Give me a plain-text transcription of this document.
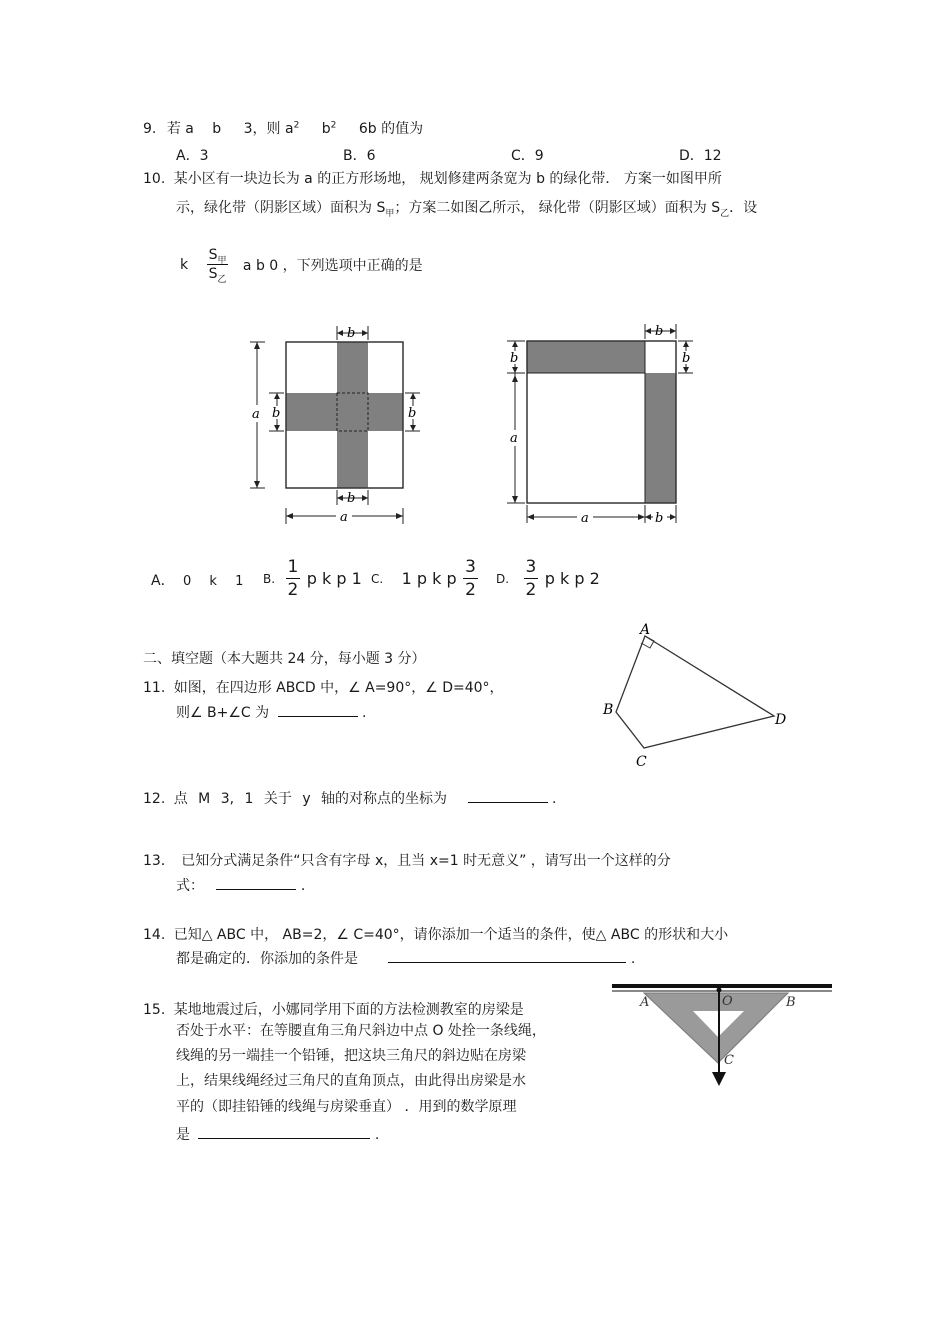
9. 若 a b 3，则 $a^2$ $b^2$ 6b 的值为
A．3	B．6	C．9	D．12
10. 某小区有一块边长为 a 的正方形场地， 规划修建两条宽为 b 的绿化带． 方案一如图甲所
示，绿化带（阴影区域）面积为 $S_甲$；方案二如图乙所示， 绿化带（阴影区域）面积为 $S_乙$．设
k $\frac{S_甲}{S_乙}$ a b 0 ，下列选项中正确的是
b
b
a
a b	b
b
b
b
a
a	b
A． 0 k 1 B. $\frac{1}{2}$ p k p 1 C. 1 p k p $\frac{3}{2} D$. $\frac{3}{2}$ p k p 2
二、填空题（本大题共 24 分，每小题 3 分）
11. 如图，在四边形 ABCD 中，∠ A=90°，∠ D=40°，
则∠ B+∠C 为	.
A
B
C
D
12. 点 M 3, 1 关于 y 轴的对称点的坐标为	.
13． 已知分式满足条件“只含有字母 x，且当 x=1 时无意义” ，请写出一个这样的分
式：	.
14. 已知△ ABC 中， AB=2，∠ C=40°，请你添加一个适当的条件，使△ ABC 的形状和大小
都是确定的．你添加的条件是	.
15. 某地地震过后，小娜同学用下面的方法检测教室的房梁是
否处于水平：在等腰直角三角尺斜边中点 O 处拴一条线绳，
线绳的另一端挂一个铅锤，把这块三角尺的斜边贴在房梁
上，结果线绳经过三角尺的直角顶点，由此得出房梁是水
平的（即挂铅锤的线绳与房梁垂直） ．用到的数学原理
是	.
A	O	B
C
